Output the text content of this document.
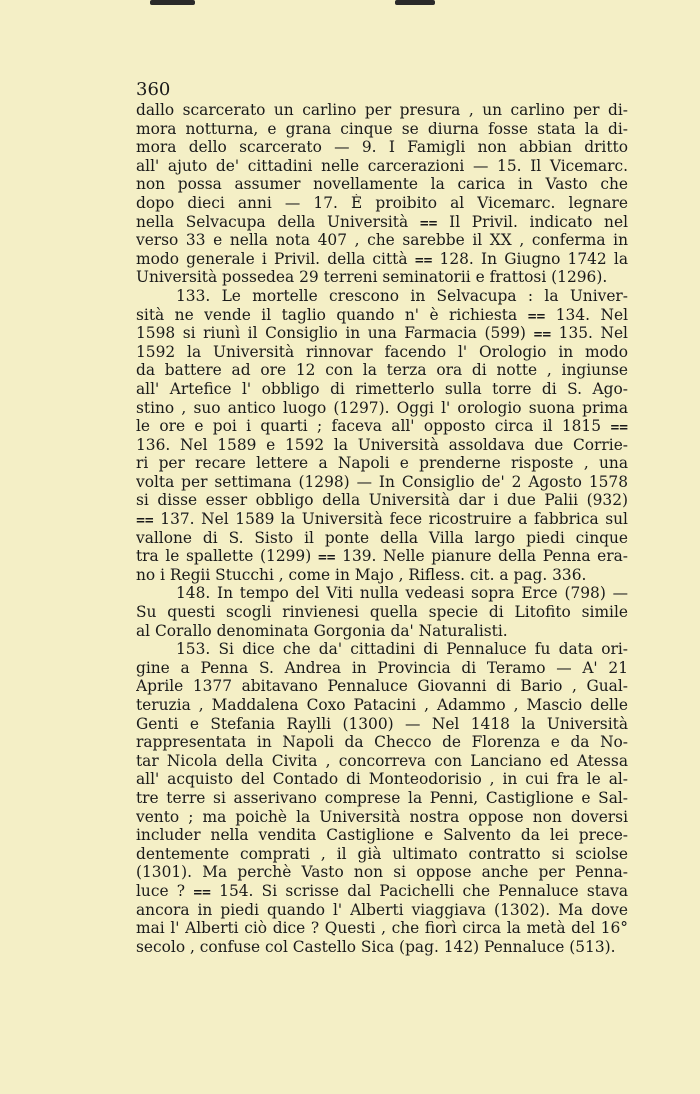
360

dallo scarcerato un carlino per presura , un carlino per di-
mora notturna, e grana cinque se diurna fosse stata la di-
mora dello scarcerato — 9. I Famigli non abbian dritto
all' ajuto de' cittadini nelle carcerazioni — 15. Il Vicemarc.
non possa assumer novellamente la carica in Vasto che
dopo dieci anni — 17. È proibito al Vicemarc. legnare
nella Selvacupa della Università ⩵ Il Privil. indicato nel
verso 33 e nella nota 407 , che sarebbe il XX , conferma in
modo generale i Privil. della città ⩵ 128. In Giugno 1742 la
Università possedea 29 terreni seminatorii e frattosi (1296).
133. Le mortelle crescono in Selvacupa : la Univer-
sità ne vende il taglio quando n' è richiesta ⩵ 134. Nel
1598 si riunì il Consiglio in una Farmacia (599) ⩵ 135. Nel
1592 la Università rinnovar facendo l' Orologio in modo
da battere ad ore 12 con la terza ora di notte , ingiunse
all' Artefice l' obbligo di rimetterlo sulla torre di S. Ago-
stino , suo antico luogo (1297). Oggi l' orologio suona prima
le ore e poi i quarti ; faceva all' opposto circa il 1815 ⩵
136. Nel 1589 e 1592 la Università assoldava due Corrie-
ri per recare lettere a Napoli e prenderne risposte , una
volta per settimana (1298) — In Consiglio de' 2 Agosto 1578
si disse esser obbligo della Università dar i due Palii (932)
⩵ 137. Nel 1589 la Università fece ricostruire a fabbrica sul
vallone di S. Sisto il ponte della Villa largo piedi cinque
tra le spallette (1299) ⩵ 139. Nelle pianure della Penna era-
no i Regii Stucchi , come in Majo , Rifless. cit. a pag. 336.
148. In tempo del Viti nulla vedeasi sopra Erce (798) —
Su questi scogli rinvienesi quella specie di Litofito simile
al Corallo denominata Gorgonia da' Naturalisti.
153. Si dice che da' cittadini di Pennaluce fu data ori-
gine a Penna S. Andrea in Provincia di Teramo — A' 21
Aprile 1377 abitavano Pennaluce Giovanni di Bario , Gual-
teruzia , Maddalena Coxo Patacini , Adammo , Mascio delle
Genti e Stefania Raylli (1300) — Nel 1418 la Università
rappresentata in Napoli da Checco de Florenza e da No-
tar Nicola della Civita , concorreva con Lanciano ed Atessa
all' acquisto del Contado di Monteodorisio , in cui fra le al-
tre terre si asserivano comprese la Penni, Castiglione e Sal-
vento ; ma poichè la Università nostra oppose non doversi
includer nella vendita Castiglione e Salvento da lei prece-
dentemente comprati , il già ultimato contratto si sciolse
(1301). Ma perchè Vasto non si oppose anche per Penna-
luce ? ⩵ 154. Si scrisse dal Pacichelli che Pennaluce stava
ancora in piedi quando l' Alberti viaggiava (1302). Ma dove
mai l' Alberti ciò dice ? Questi , che fiorì circa la metà del 16°
secolo , confuse col Castello Sica (pag. 142) Pennaluce (513).
